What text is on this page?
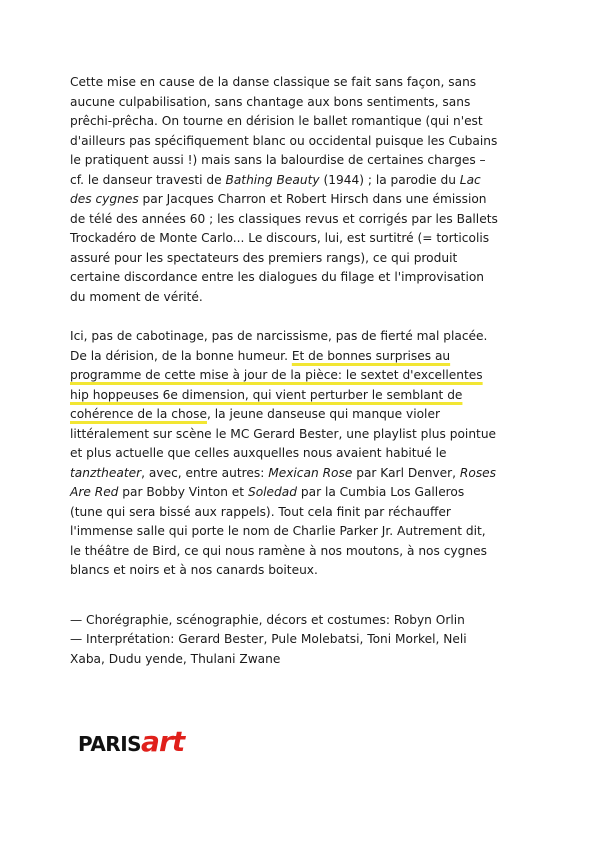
Cette mise en cause de la danse classique se fait sans façon, sans aucune culpabilisation, sans chantage aux bons sentiments, sans prêchi-prêcha. On tourne en dérision le ballet romantique (qui n'est d'ailleurs pas spécifiquement blanc ou occidental puisque les Cubains le pratiquent aussi !) mais sans la balourdise de certaines charges – cf. le danseur travesti de Bathing Beauty (1944) ; la parodie du Lac des cygnes par Jacques Charron et Robert Hirsch dans une émission de télé des années 60 ; les classiques revus et corrigés par les Ballets Trockadéro de Monte Carlo... Le discours, lui, est surtitré (= torticolis assuré pour les spectateurs des premiers rangs), ce qui produit certaine discordance entre les dialogues du filage et l'improvisation du moment de vérité.

Ici, pas de cabotinage, pas de narcissisme, pas de fierté mal placée. De la dérision, de la bonne humeur. Et de bonnes surprises au programme de cette mise à jour de la pièce: le sextet d'excellentes hip hoppeuses 6e dimension, qui vient perturber le semblant de cohérence de la chose, la jeune danseuse qui manque violer littéralement sur scène le MC Gerard Bester, une playlist plus pointue et plus actuelle que celles auxquelles nous avaient habitué le tanztheater, avec, entre autres: Mexican Rose par Karl Denver, Roses Are Red par Bobby Vinton et Soledad par la Cumbia Los Galleros (tune qui sera bissé aux rappels). Tout cela finit par réchauffer l'immense salle qui porte le nom de Charlie Parker Jr. Autrement dit, le théâtre de Bird, ce qui nous ramène à nos moutons, à nos cygnes blancs et noirs et à nos canards boiteux.

— Chorégraphie, scénographie, décors et costumes: Robyn Orlin
— Interprétation: Gerard Bester, Pule Molebatsi, Toni Morkel, Neli Xaba, Dudu yende, Thulani Zwane
PARISart
